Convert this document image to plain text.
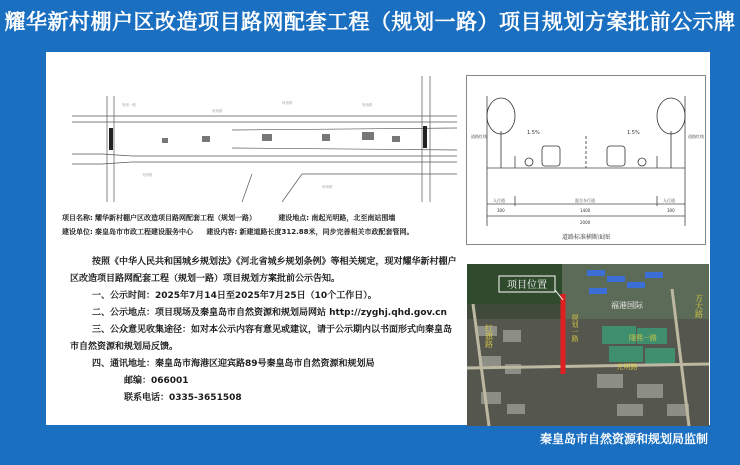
耀华新村棚户区改造项目路网配套工程（规划一路）项目规划方案批前公示牌
规划一路
规划路
规划路	规划路
光明路
规划路
项目名称: 耀华新村棚户区改造项目路网配套工程（规划一路）	建设地点: 南起光明路，北至南站围墙
建设单位: 秦皇岛市市政工程建设服务中心 建设内容: 新建道路长度312.88米，同步完善相关市政配套管网。
1.5%	1.5%
道路红线	道路红线
人行道	混合车行道	人行道
300	1400	300
2000
道路标准横断面图

按照《中华人民共和国城乡规划法》《河北省城乡规划条例》等相关规定，现对耀华新村棚户区改造项目路网配套工程（规划一路）项目规划方案批前公示告知。

一、公示时间：2025年7月14日至2025年7月25日（10个工作日）。

二、公示地点：项目现场及秦皇岛市自然资源和规划局网站 http://zyghj.qhd.gov.cn

三、公众意见收集途径：如对本公示内容有意见或建议，请于公示期内以书面形式向秦皇岛市自然资源和规划局反馈。

四、通讯地址：秦皇岛市海港区迎宾路89号秦皇岛市自然资源和规划局

邮编：066001

联系电话：0335-3651508

项目位置
福港国际
隆熙一路
光明路
方大路
红旗路	规划一路
秦皇岛市自然资源和规划局监制
